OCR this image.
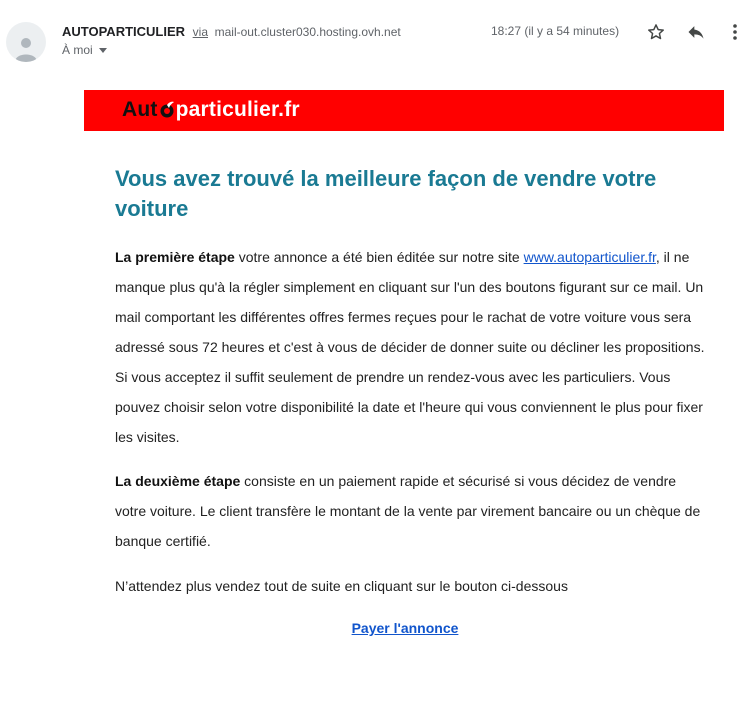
AUTOPARTICULIER via mail-out.cluster030.hosting.ovh.net
À moi
18:27 (il y a 54 minutes)
Aut particulier.fr
Vous avez trouvé la meilleure façon de vendre votre voiture

La première étape votre annonce a été bien éditée sur notre site www.autoparticulier.fr, il ne manque plus qu'à la régler simplement en cliquant sur l'un des boutons figurant sur ce mail. Un mail comportant les différentes offres fermes reçues pour le rachat de votre voiture vous sera adressé sous 72 heures et c'est à vous de décider de donner suite ou décliner les propositions. Si vous acceptez il suffit seulement de prendre un rendez-vous avec les particuliers. Vous pouvez choisir selon votre disponibilité la date et l'heure qui vous conviennent le plus pour fixer les visites.

La deuxième étape consiste en un paiement rapide et sécurisé si vous décidez de vendre votre voiture. Le client transfère le montant de la vente par virement bancaire ou un chèque de banque certifié.

N’attendez plus vendez tout de suite en cliquant sur le bouton ci-dessous

Payer l'annonce
